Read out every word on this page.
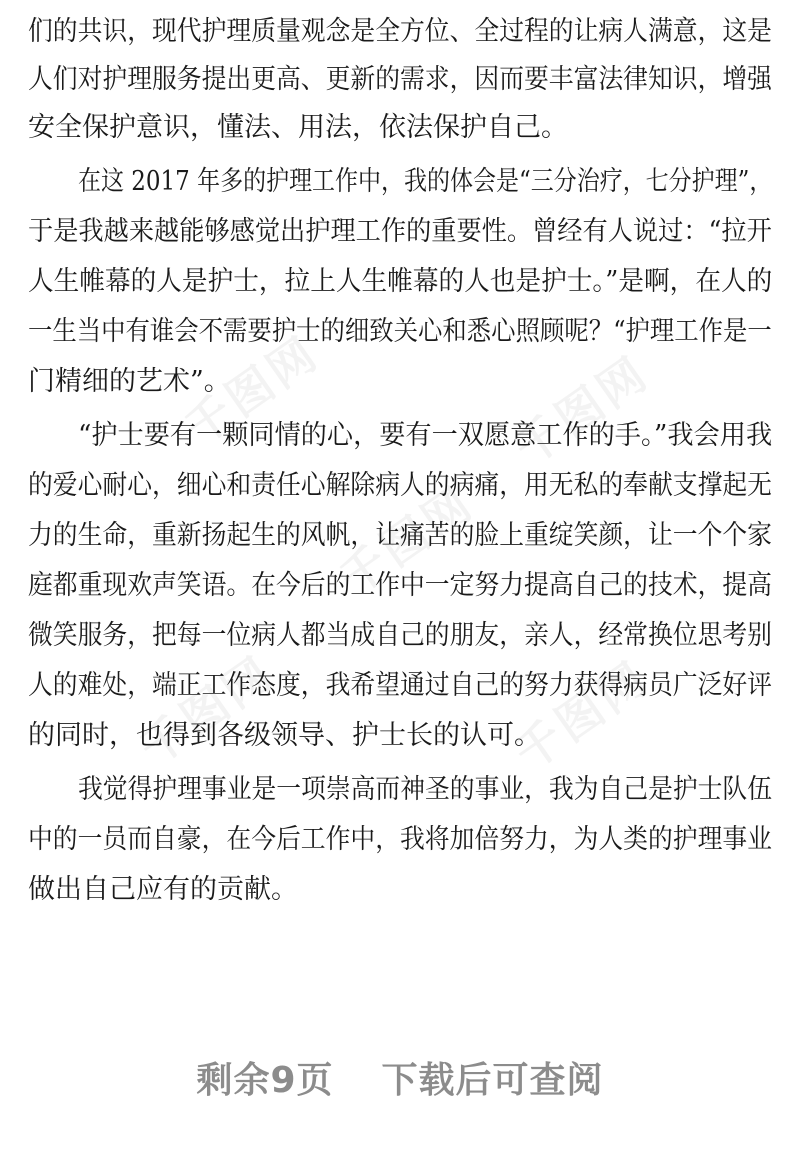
千图网	千图网
千图网
千图网	千图网
们的共识，现代护理质量观念是全方位、全过程的让病人满意，这是
人们对护理服务提出更高、更新的需求，因而要丰富法律知识，增强
安全保护意识，懂法、用法，依法保护自己。
在这 2017 年多的护理工作中，我的体会是“三分治疗，七分护理”，
于是我越来越能够感觉出护理工作的重要性。曾经有人说过：“拉开
人生帷幕的人是护士，拉上人生帷幕的人也是护士。”是啊，在人的
一生当中有谁会不需要护士的细致关心和悉心照顾呢？“护理工作是一
门精细的艺术”。
“护士要有一颗同情的心，要有一双愿意工作的手。”我会用我
的爱心耐心，细心和责任心解除病人的病痛，用无私的奉献支撑起无
力的生命，重新扬起生的风帆，让痛苦的脸上重绽笑颜，让一个个家
庭都重现欢声笑语。在今后的工作中一定努力提高自己的技术，提高
微笑服务，把每一位病人都当成自己的朋友，亲人，经常换位思考别
人的难处，端正工作态度，我希望通过自己的努力获得病员广泛好评
的同时，也得到各级领导、护士长的认可。
我觉得护理事业是一项崇高而神圣的事业，我为自己是护士队伍
中的一员而自豪，在今后工作中，我将加倍努力，为人类的护理事业
做出自己应有的贡献。
剩余9页 下载后可查阅
